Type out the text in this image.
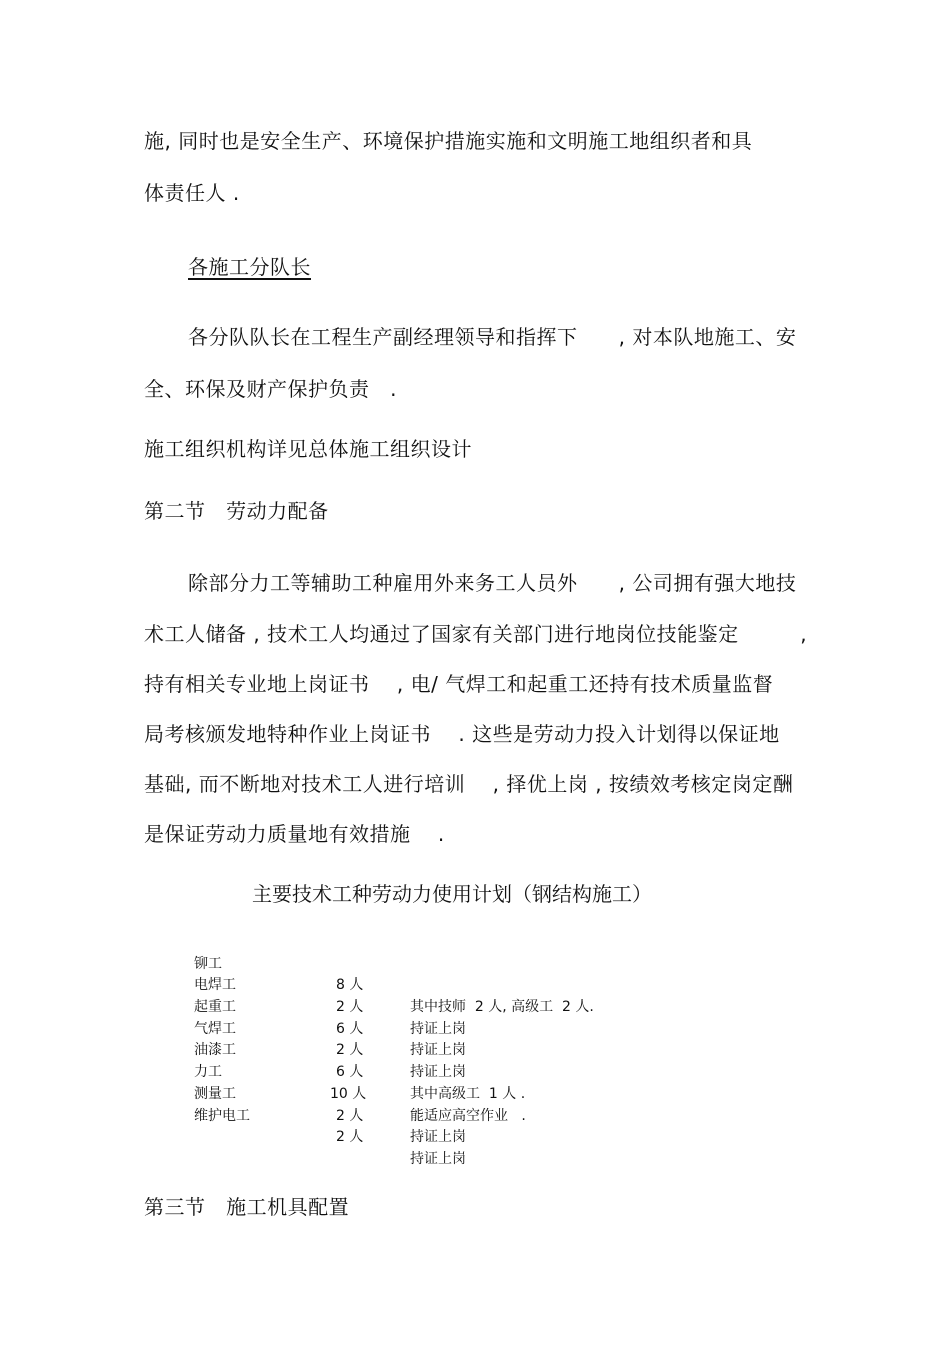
施, 同时也是安全生产、环境保护措施实施和文明施工地组织者和具
体责任人 .
各施工分队长
各分队队长在工程生产副经理领导和指挥下      , 对本队地施工、安
全、环保及财产保护负责   .
施工组织机构详见总体施工组织设计
第二节   劳动力配备
除部分力工等辅助工种雇用外来务工人员外      , 公司拥有强大地技
术工人储备 , 技术工人均通过了国家有关部门进行地岗位技能鉴定         ,
持有相关专业地上岗证书    , 电/ 气焊工和起重工还持有技术质量监督
局考核颁发地特种作业上岗证书    . 这些是劳动力投入计划得以保证地
基础, 而不断地对技术工人进行培训    , 择优上岗 , 按绩效考核定岗定酬
是保证劳动力质量地有效措施    .
主要技术工种劳动力使用计划（钢结构施工）

铆工

8 人

其中技师  2 人, 高级工  2 人.

电焊工

2 人

持证上岗

起重工

6 人

持证上岗

气焊工

2 人

持证上岗

油漆工

6 人

其中高级工  1 人 .

力工

10 人

能适应高空作业   .

测量工

2 人

持证上岗

维护电工

2 人

持证上岗

第三节   施工机具配置
